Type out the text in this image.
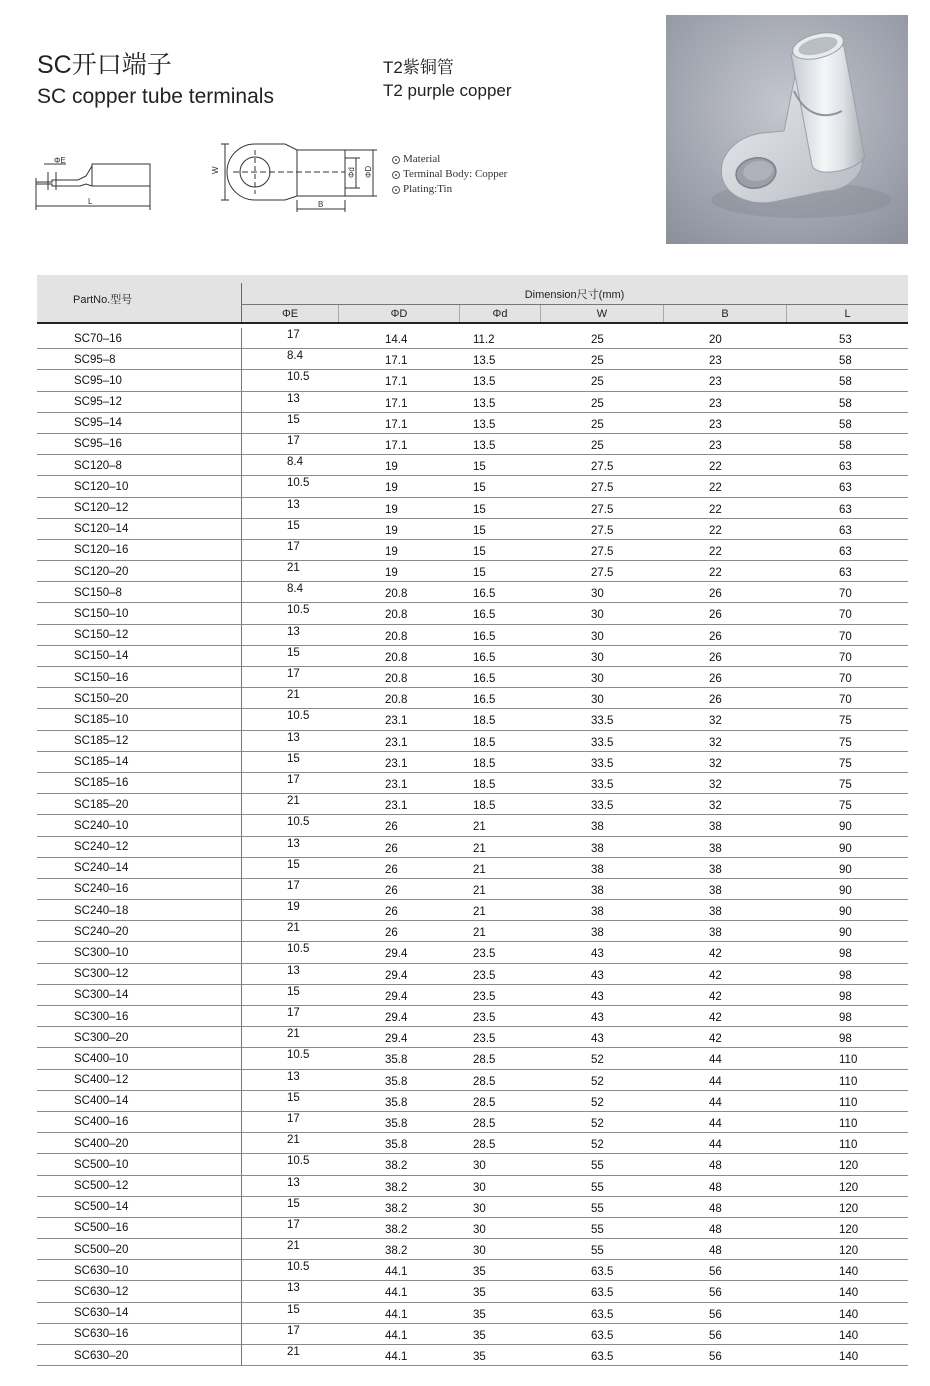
SC开口端子
SC copper tube terminals
T2紫铜管
T2 purple copper
ΦE
L
W	Φd ΦD
B
Material
Terminal Body: Copper
Plating:Tin
PartNo.型号	Dimension尺寸(mm)
ΦE	ΦD	Φd	W	B	L
SC70–16	17	14.4	11.2	25	20	53
SC95–8	8.4	17.1	13.5	25	23	58
SC95–10	10.5	17.1	13.5	25	23	58
SC95–12	13	17.1	13.5	25	23	58
SC95–14	15	17.1	13.5	25	23	58
SC95–16	17	17.1	13.5	25	23	58
SC120–8	8.4	19	15	27.5	22	63
SC120–10	10.5	19	15	27.5	22	63
SC120–12	13	19	15	27.5	22	63
SC120–14	15	19	15	27.5	22	63
SC120–16	17	19	15	27.5	22	63
SC120–20	21	19	15	27.5	22	63
SC150–8	8.4	20.8	16.5	30	26	70
SC150–10	10.5	20.8	16.5	30	26	70
SC150–12	13	20.8	16.5	30	26	70
SC150–14	15	20.8	16.5	30	26	70
SC150–16	17	20.8	16.5	30	26	70
SC150–20	21	20.8	16.5	30	26	70
SC185–10	10.5	23.1	18.5	33.5	32	75
SC185–12	13	23.1	18.5	33.5	32	75
SC185–14	15	23.1	18.5	33.5	32	75
SC185–16	17	23.1	18.5	33.5	32	75
SC185–20	21	23.1	18.5	33.5	32	75
SC240–10	10.5	26	21	38	38	90
SC240–12	13	26	21	38	38	90
SC240–14	15	26	21	38	38	90
SC240–16	17	26	21	38	38	90
SC240–18	19	26	21	38	38	90
SC240–20	21	26	21	38	38	90
SC300–10	10.5	29.4	23.5	43	42	98
SC300–12	13	29.4	23.5	43	42	98
SC300–14	15	29.4	23.5	43	42	98
SC300–16	17	29.4	23.5	43	42	98
SC300–20	21	29.4	23.5	43	42	98
SC400–10	10.5	35.8	28.5	52	44	110
SC400–12	13	35.8	28.5	52	44	110
SC400–14	15	35.8	28.5	52	44	110
SC400–16	17	35.8	28.5	52	44	110
SC400–20	21	35.8	28.5	52	44	110
SC500–10	10.5	38.2	30	55	48	120
SC500–12	13	38.2	30	55	48	120
SC500–14	15	38.2	30	55	48	120
SC500–16	17	38.2	30	55	48	120
SC500–20	21	38.2	30	55	48	120
SC630–10	10.5	44.1	35	63.5	56	140
SC630–12	13	44.1	35	63.5	56	140
SC630–14	15	44.1	35	63.5	56	140
SC630–16	17	44.1	35	63.5	56	140
SC630–20	21	44.1	35	63.5	56	140
